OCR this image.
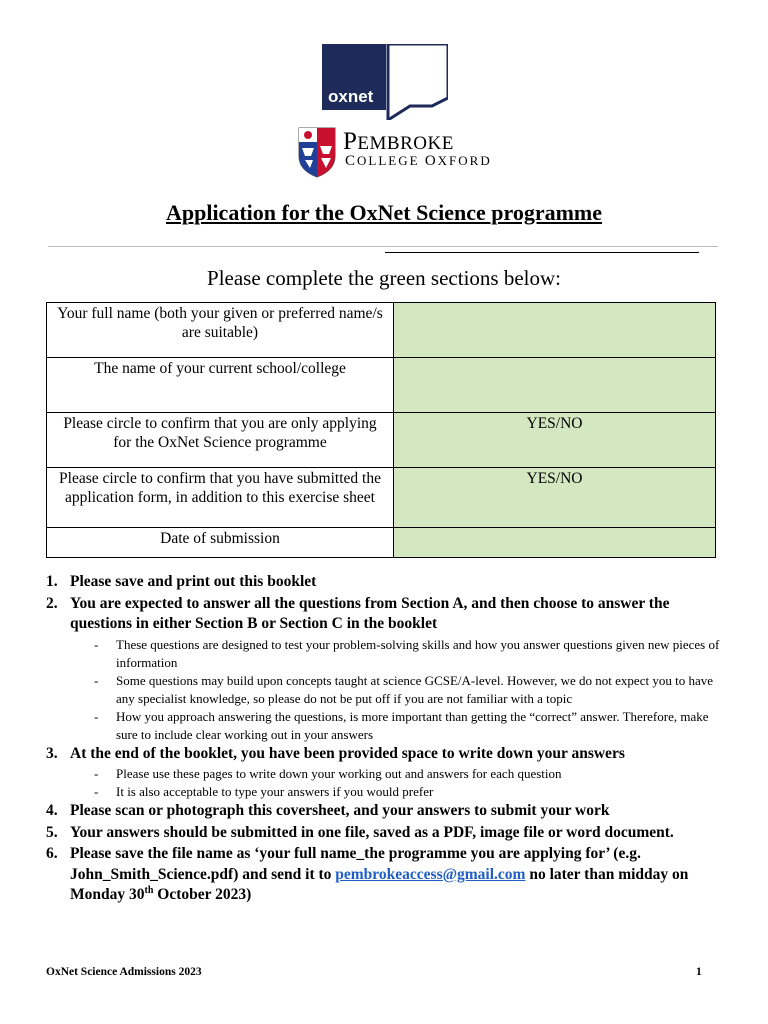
oxnet
PEMBROKE
COLLEGE OXFORD
Application for the OxNet Science programme
Please complete the green sections below:
Your full name (both your given or preferred name/s are suitable)	
The name of your current school/college	
Please circle to confirm that you are only applying for the OxNet Science programme	YES/NO
Please circle to confirm that you have submitted the application form, in addition to this exercise sheet	YES/NO
Date of submission	
1. Please save and print out this booklet
2. You are expected to answer all the questions from Section A, and then choose to answer the questions in either Section B or Section C in the booklet
- These questions are designed to test your problem-solving skills and how you answer questions given new pieces of information
- Some questions may build upon concepts taught at science GCSE/A-level. However, we do not expect you to have any specialist knowledge, so please do not be put off if you are not familiar with a topic
- How you approach answering the questions, is more important than getting the “correct” answer. Therefore, make sure to include clear working out in your answers
3. At the end of the booklet, you have been provided space to write down your answers
- Please use these pages to write down your working out and answers for each question
- It is also acceptable to type your answers if you would prefer
4. Please scan or photograph this coversheet, and your answers to submit your work
5. Your answers should be submitted in one file, saved as a PDF, image file or word document.
6. Please save the file name as ‘your full name_the programme you are applying for’ (e.g. John_Smith_Science.pdf) and send it to pembrokeaccess@gmail.com no later than midday on Monday 30th October 2023)
OxNet Science Admissions 2023	1
